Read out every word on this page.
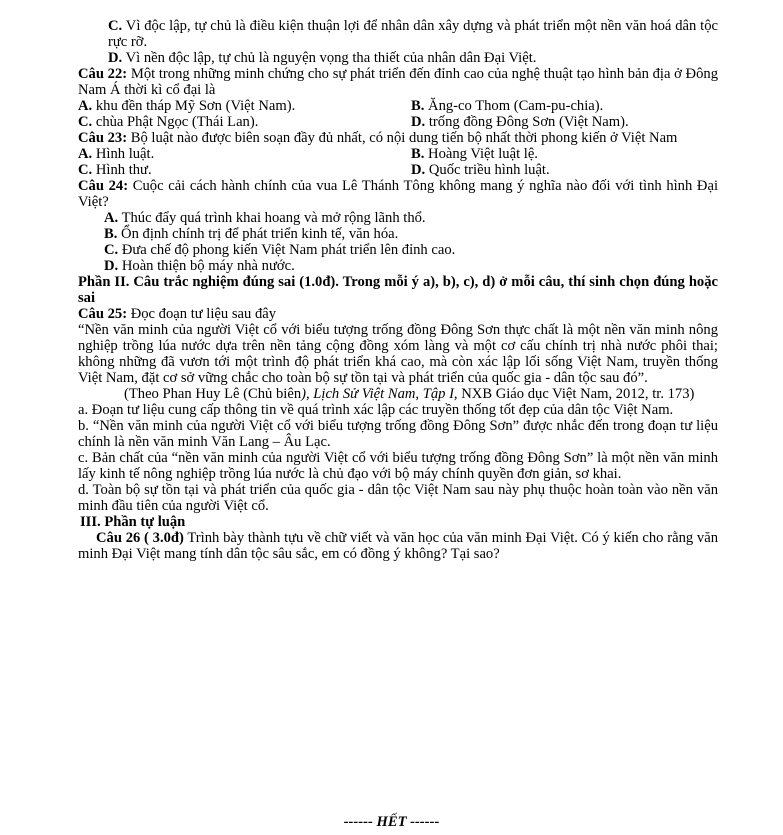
C. Vì độc lập, tự chủ là điều kiện thuận lợi để nhân dân xây dựng và phát triển một nền văn hoá dân tộc rực rỡ.

D. Vì nền độc lập, tự chủ là nguyện vọng tha thiết của nhân dân Đại Việt.

Câu 22: Một trong những minh chứng cho sự phát triển đến đỉnh cao của nghệ thuật tạo hình bản địa ở Đông Nam Á thời kì cổ đại là

A. khu đền tháp Mỹ Sơn (Việt Nam).	B. Ăng-co Thom (Cam-pu-chia).
C. chùa Phật Ngọc (Thái Lan).	D. trống đồng Đông Sơn (Việt Nam).

Câu 23: Bộ luật nào được biên soạn đầy đủ nhất, có nội dung tiến bộ nhất thời phong kiến ở Việt Nam

A. Hình luật.	B. Hoàng Việt luật lệ.
C. Hình thư.	D. Quốc triều hình luật.

Câu 24: Cuộc cải cách hành chính của vua Lê Thánh Tông không mang ý nghĩa nào đối với tình hình Đại Việt?

A. Thúc đẩy quá trình khai hoang và mở rộng lãnh thổ.

B. Ổn định chính trị để phát triển kinh tế, văn hóa.

C. Đưa chế độ phong kiến Việt Nam phát triển lên đỉnh cao.

D. Hoàn thiện bộ máy nhà nước.

Phần II. Câu trắc nghiệm đúng sai (1.0đ). Trong mỗi ý a), b), c), d) ở mỗi câu, thí sinh chọn đúng hoặc sai

Câu 25: Đọc đoạn tư liệu sau đây

“Nền văn minh của người Việt cổ với biểu tượng trống đồng Đông Sơn thực chất là một nền văn minh nông nghiệp trồng lúa nước dựa trên nền tảng cộng đồng xóm làng và một cơ cấu chính trị nhà nước phôi thai; không những đã vươn tới một trình độ phát triển khá cao, mà còn xác lập lối sống Việt Nam, truyền thống Việt Nam, đặt cơ sở vững chắc cho toàn bộ sự tồn tại và phát triển của quốc gia - dân tộc sau đó”.

(Theo Phan Huy Lê (Chủ biên), Lịch Sử Việt Nam, Tập I, NXB Giáo dục Việt Nam, 2012, tr. 173)

a. Đoạn tư liệu cung cấp thông tin về quá trình xác lập các truyền thống tốt đẹp của dân tộc Việt Nam.

b. “Nền văn minh của người Việt cổ với biểu tượng trống đồng Đông Sơn” được nhắc đến trong đoạn tư liệu chính là nền văn minh Văn Lang – Âu Lạc.

c. Bản chất của “nền văn minh của người Việt cổ với biểu tượng trống đồng Đông Sơn” là một nền văn minh lấy kinh tế nông nghiệp trồng lúa nước là chủ đạo với bộ máy chính quyền đơn giản, sơ khai.

d. Toàn bộ sự tồn tại và phát triển của quốc gia - dân tộc Việt Nam sau này phụ thuộc hoàn toàn vào nền văn minh đầu tiên của người Việt cổ.

III. Phần tự luận

Câu 26 ( 3.0đ) Trình bày thành tựu về chữ viết và văn học của văn minh Đại Việt. Có ý kiến cho rằng văn minh Đại Việt mang tính dân tộc sâu sắc, em có đồng ý không? Tại sao?

------ HẾT ------
